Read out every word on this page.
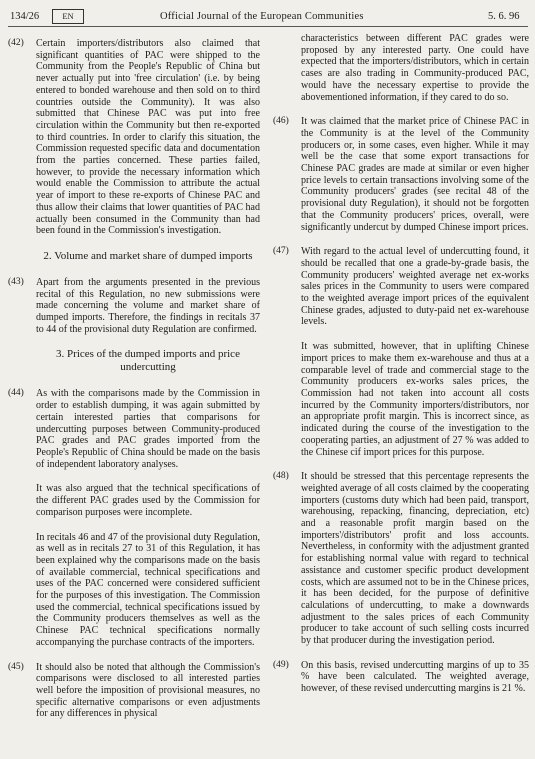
134/26	EN	Official Journal of the European Communities	5. 6. 96
(42) Certain importers/distributors also claimed that significant quantities of PAC were shipped to the Community from the People's Republic of China but never actually put into 'free circulation' (i.e. by being entered to bonded warehouse and then sold on to third countries outside the Community). It was also submitted that Chinese PAC was put into free circulation within the Community but then re-exported to third countries. In order to clarify this situation, the Commission requested specific data and documentation from the parties concerned. These parties failed, however, to provide the necessary information which would enable the Commission to attribute the actual year of import to these re-exports of Chinese PAC and thus allow their claims that lower quantities of PAC had actually been consumed in the Community than had been found in the Commission's investigation.
2. Volume and market share of dumped imports
(43) Apart from the arguments presented in the previous recital of this Regulation, no new submissions were made concerning the volume and market share of dumped imports. Therefore, the findings in recitals 37 to 44 of the provisional duty Regulation are confirmed.
3. Prices of the dumped imports and price undercutting
(44) As with the comparisons made by the Commission in order to establish dumping, it was again submitted by certain interested parties that comparisons for undercutting purposes between Community-produced PAC grades and PAC grades imported from the People's Republic of China should be made on the basis of independent laboratory analyses.
It was also argued that the technical specifications of the different PAC grades used by the Commission for comparison purposes were incomplete.
In recitals 46 and 47 of the provisional duty Regulation, as well as in recitals 27 to 31 of this Regulation, it has been explained why the comparisons made on the basis of available commercial, technical specifications and uses of the PAC concerned were considered sufficient for the purposes of this investigation. The Commission used the commercial, technical specifications issued by the Community producers themselves as well as the Chinese PAC technical specifications normally accompanying the purchase contracts of the importers.
(45) It should also be noted that although the Commission's comparisons were disclosed to all interested parties well before the imposition of provisional measures, no specific alternative comparisons or even adjustments for any differences in physical
characteristics between different PAC grades were proposed by any interested party. One could have expected that the importers/distributors, which in certain cases are also trading in Community-produced PAC, would have the necessary expertise to provide the abovementioned information, if they cared to do so.
(46) It was claimed that the market price of Chinese PAC in the Community is at the level of the Community producers or, in some cases, even higher. While it may well be the case that some export transactions for Chinese PAC grades are made at similar or even higher price levels to certain transactions involving some of the Community producers' grades (see recital 48 of the provisional duty Regulation), it should not be forgotten that the Community producers' prices, overall, were significantly undercut by dumped Chinese import prices.
(47) With regard to the actual level of undercutting found, it should be recalled that one a grade-by-grade basis, the Community producers' weighted average net ex-works sales prices in the Community to users were compared to the weighted average import prices of the equivalent Chinese grades, adjusted to duty-paid net ex-warehouse levels.
It was submitted, however, that in uplifting Chinese import prices to make them ex-warehouse and thus at a comparable level of trade and commercial stage to the Community producers ex-works sales prices, the Commission had not taken into account all costs incurred by the Community importers/distributors, nor an appropriate profit margin. This is incorrect since, as indicated during the course of the investigation to the cooperating parties, an adjustment of 27 % was added to the Chinese cif import prices for this purpose.
(48) It should be stressed that this percentage represents the weighted average of all costs claimed by the cooperating importers (customs duty which had been paid, transport, warehousing, repacking, financing, depreciation, etc) and a reasonable profit margin based on the importers'/distributors' profit and loss accounts. Nevertheless, in conformity with the adjustment granted for establishing normal value with regard to technical assistance and customer specific product development costs, which are assumed not to be in the Chinese prices, it has been decided, for the purpose of definitive calculations of undercutting, to make a downwards adjustment to the sales prices of each Community producer to take account of such selling costs incurred by that producer during the investigation period.
(49) On this basis, revised undercutting margins of up to 35 % have been calculated. The weighted average, however, of these revised undercutting margins is 21 %.
